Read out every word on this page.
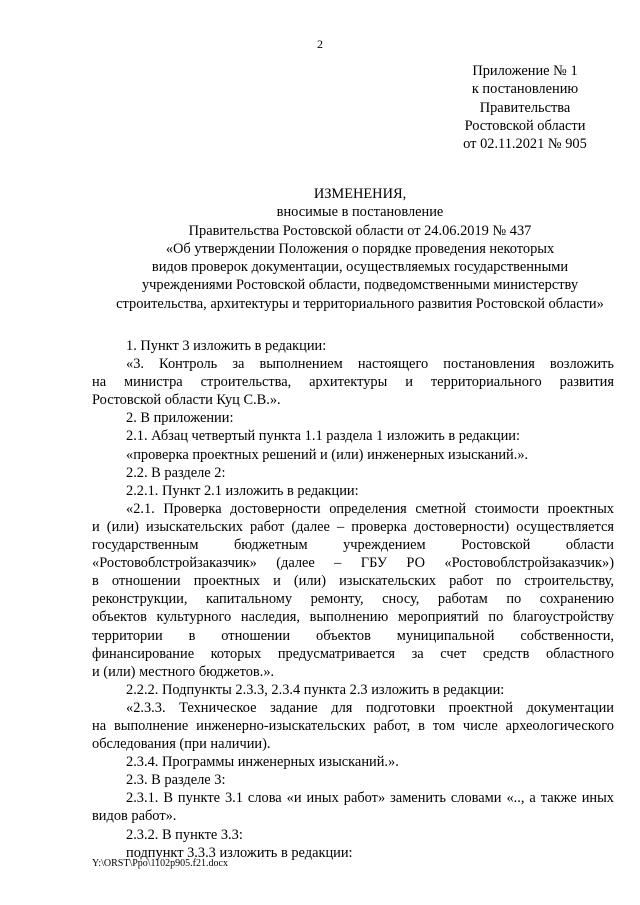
2
Приложение № 1
к постановлению
Правительства
Ростовской области
от 02.11.2021 № 905
ИЗМЕНЕНИЯ,
вносимые в постановление
Правительства Ростовской области от 24.06.2019 № 437
«Об утверждении Положения о порядке проведения некоторых
видов проверок документации, осуществляемых государственными
учреждениями Ростовской области, подведомственными министерству
строительства, архитектуры и территориального развития Ростовской области»
1. Пункт 3 изложить в редакции:
«3. Контроль за выполнением настоящего постановления возложить
на министра строительства, архитектуры и территориального развития
Ростовской области Куц С.В.».
2. В приложении:
2.1. Абзац четвертый пункта 1.1 раздела 1 изложить в редакции:
«проверка проектных решений и (или) инженерных изысканий.».
2.2. В разделе 2:
2.2.1. Пункт 2.1 изложить в редакции:
«2.1. Проверка достоверности определения сметной стоимости проектных
и (или) изыскательских работ (далее – проверка достоверности) осуществляется
государственным бюджетным учреждением Ростовской области
«Ростовоблстройзаказчик» (далее – ГБУ РО «Ростовоблстройзаказчик»)
в отношении проектных и (или) изыскательских работ по строительству,
реконструкции, капитальному ремонту, сносу, работам по сохранению
объектов культурного наследия, выполнению мероприятий по благоустройству
территории в отношении объектов муниципальной собственности,
финансирование которых предусматривается за счет средств областного
и (или) местного бюджетов.».
2.2.2. Подпункты 2.3.3, 2.3.4 пункта 2.3 изложить в редакции:
«2.3.3. Техническое задание для подготовки проектной документации
на выполнение инженерно-изыскательских работ, в том числе археологического
обследования (при наличии).
2.3.4. Программы инженерных изысканий.».
2.3. В разделе 3:
2.3.1. В пункте 3.1 слова «и иных работ» заменить словами «.., а также иных
видов работ».
2.3.2. В пункте 3.3:
подпункт 3.3.3 изложить в редакции:
Y:\ORST\Ppo\1102p905.f21.docx
